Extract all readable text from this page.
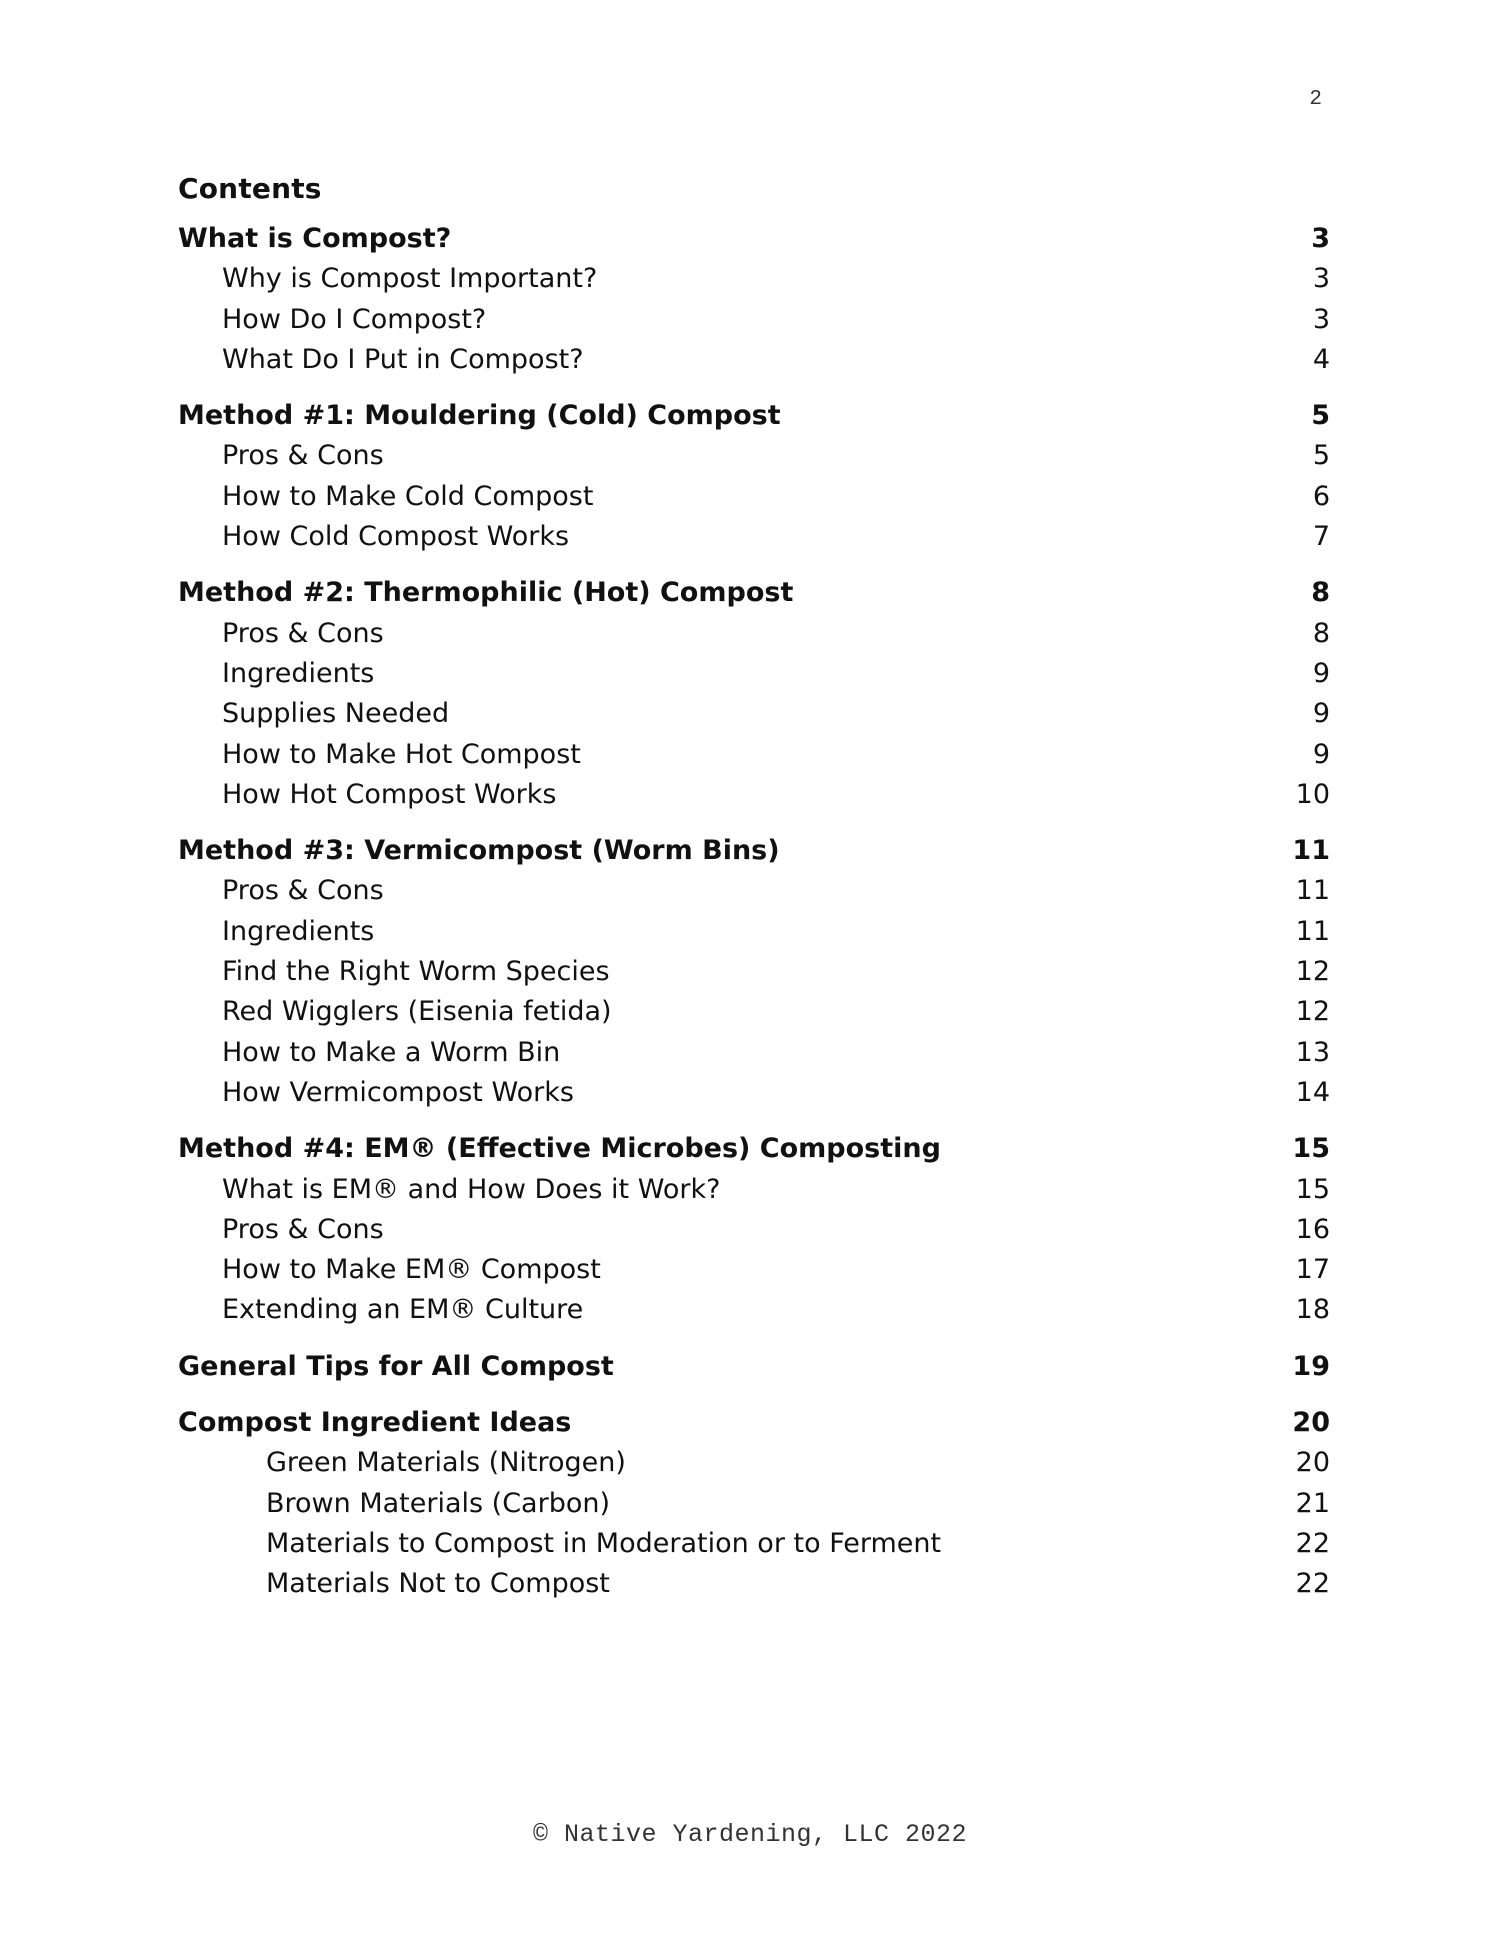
2
Contents
What is Compost?	3
Why is Compost Important?	3
How Do I Compost?	3
What Do I Put in Compost?	4
Method #1: Mouldering (Cold) Compost	5
Pros & Cons	5
How to Make Cold Compost	6
How Cold Compost Works	7
Method #2: Thermophilic (Hot) Compost	8
Pros & Cons	8
Ingredients	9
Supplies Needed	9
How to Make Hot Compost	9
How Hot Compost Works	10
Method #3: Vermicompost (Worm Bins)	11
Pros & Cons	11
Ingredients	11
Find the Right Worm Species	12
Red Wigglers (Eisenia fetida)	12
How to Make a Worm Bin	13
How Vermicompost Works	14
Method #4: EM® (Effective Microbes) Composting	15
What is EM® and How Does it Work?	15
Pros & Cons	16
How to Make EM® Compost	17
Extending an EM® Culture	18
General Tips for All Compost	19
Compost Ingredient Ideas	20
Green Materials (Nitrogen)	20
Brown Materials (Carbon)	21
Materials to Compost in Moderation or to Ferment	22
Materials Not to Compost	22
© Native Yardening, LLC 2022
